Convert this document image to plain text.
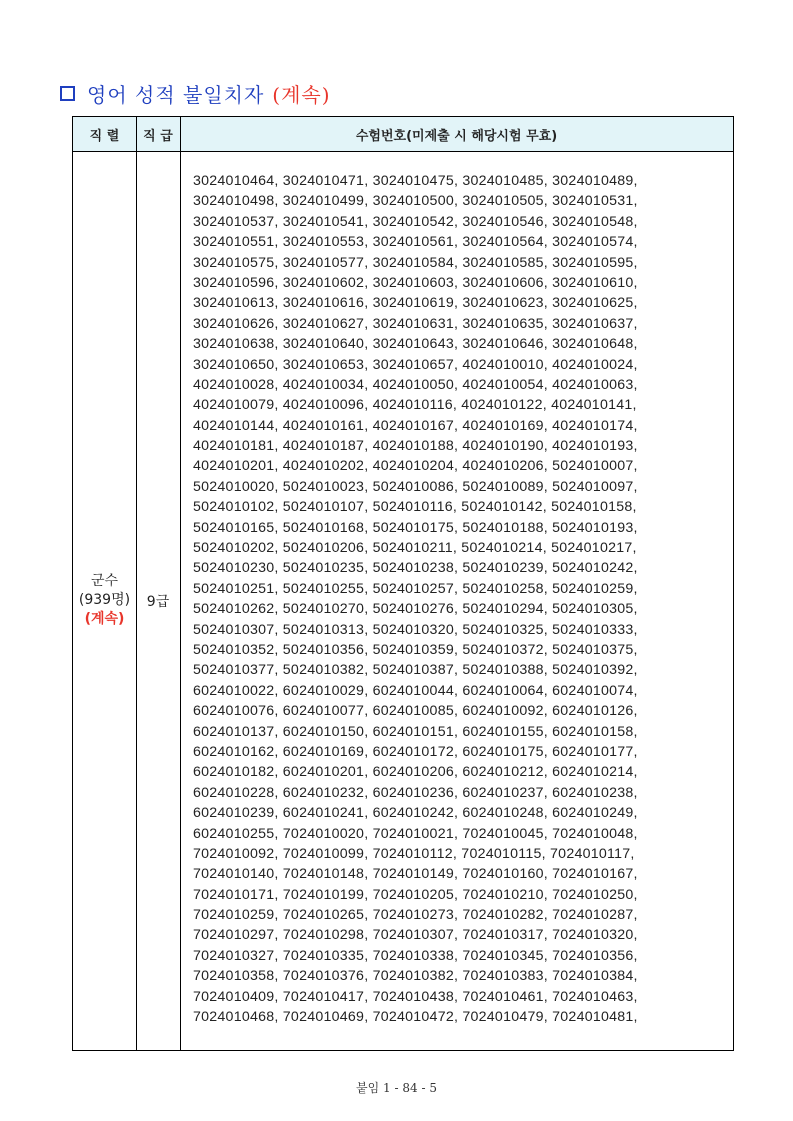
영어 성적 불일치자 (계속)
직 렬	직 급	수험번호(미제출 시 해당시험 무효)
군수
(939명)
(계속)
9급
3024010464, 3024010471, 3024010475, 3024010485, 3024010489,
3024010498, 3024010499, 3024010500, 3024010505, 3024010531,
3024010537, 3024010541, 3024010542, 3024010546, 3024010548,
3024010551, 3024010553, 3024010561, 3024010564, 3024010574,
3024010575, 3024010577, 3024010584, 3024010585, 3024010595,
3024010596, 3024010602, 3024010603, 3024010606, 3024010610,
3024010613, 3024010616, 3024010619, 3024010623, 3024010625,
3024010626, 3024010627, 3024010631, 3024010635, 3024010637,
3024010638, 3024010640, 3024010643, 3024010646, 3024010648,
3024010650, 3024010653, 3024010657, 4024010010, 4024010024,
4024010028, 4024010034, 4024010050, 4024010054, 4024010063,
4024010079, 4024010096, 4024010116, 4024010122, 4024010141,
4024010144, 4024010161, 4024010167, 4024010169, 4024010174,
4024010181, 4024010187, 4024010188, 4024010190, 4024010193,
4024010201, 4024010202, 4024010204, 4024010206, 5024010007,
5024010020, 5024010023, 5024010086, 5024010089, 5024010097,
5024010102, 5024010107, 5024010116, 5024010142, 5024010158,
5024010165, 5024010168, 5024010175, 5024010188, 5024010193,
5024010202, 5024010206, 5024010211, 5024010214, 5024010217,
5024010230, 5024010235, 5024010238, 5024010239, 5024010242,
5024010251, 5024010255, 5024010257, 5024010258, 5024010259,
5024010262, 5024010270, 5024010276, 5024010294, 5024010305,
5024010307, 5024010313, 5024010320, 5024010325, 5024010333,
5024010352, 5024010356, 5024010359, 5024010372, 5024010375,
5024010377, 5024010382, 5024010387, 5024010388, 5024010392,
6024010022, 6024010029, 6024010044, 6024010064, 6024010074,
6024010076, 6024010077, 6024010085, 6024010092, 6024010126,
6024010137, 6024010150, 6024010151, 6024010155, 6024010158,
6024010162, 6024010169, 6024010172, 6024010175, 6024010177,
6024010182, 6024010201, 6024010206, 6024010212, 6024010214,
6024010228, 6024010232, 6024010236, 6024010237, 6024010238,
6024010239, 6024010241, 6024010242, 6024010248, 6024010249,
6024010255, 7024010020, 7024010021, 7024010045, 7024010048,
7024010092, 7024010099, 7024010112, 7024010115, 7024010117,
7024010140, 7024010148, 7024010149, 7024010160, 7024010167,
7024010171, 7024010199, 7024010205, 7024010210, 7024010250,
7024010259, 7024010265, 7024010273, 7024010282, 7024010287,
7024010297, 7024010298, 7024010307, 7024010317, 7024010320,
7024010327, 7024010335, 7024010338, 7024010345, 7024010356,
7024010358, 7024010376, 7024010382, 7024010383, 7024010384,
7024010409, 7024010417, 7024010438, 7024010461, 7024010463,
7024010468, 7024010469, 7024010472, 7024010479, 7024010481,
붙임 1 - 84 - 5
